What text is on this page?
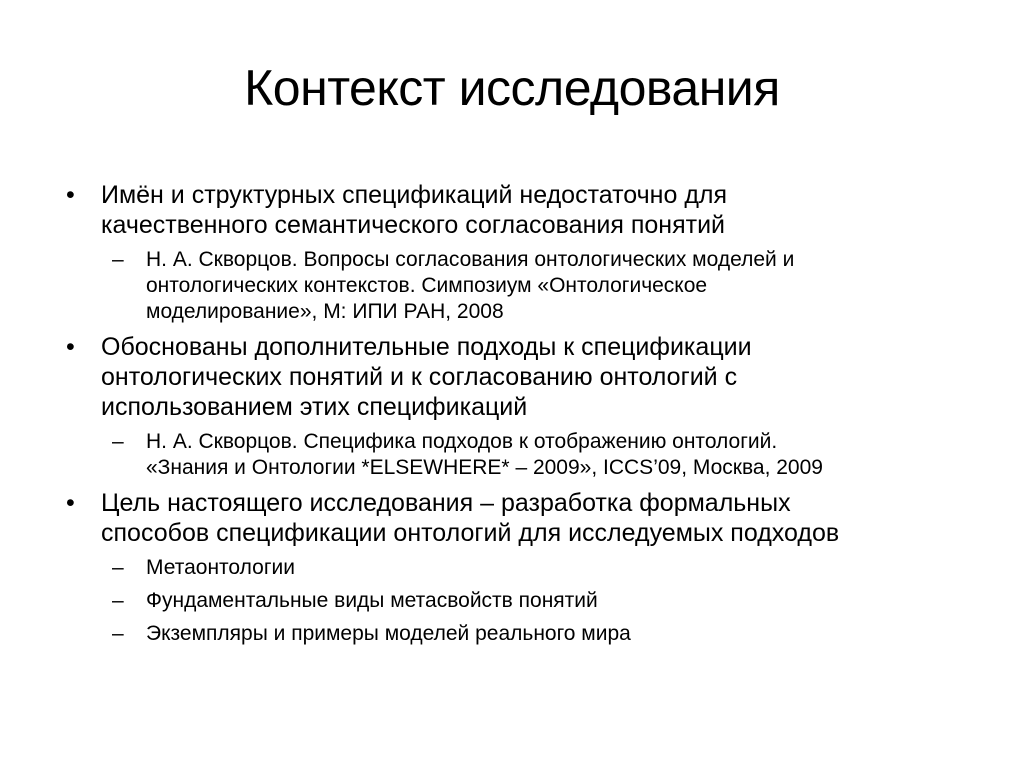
Контекст исследования
• Имён и структурных спецификаций недостаточно для
качественного семантического согласования понятий
– Н. А. Скворцов. Вопросы согласования онтологических моделей и
онтологических контекстов. Симпозиум «Онтологическое
моделирование», М: ИПИ РАН, 2008
• Обоснованы дополнительные подходы к спецификации
онтологических понятий и к согласованию онтологий с
использованием этих спецификаций
– Н. А. Скворцов. Специфика подходов к отображению онтологий.
«Знания и Онтологии *ELSEWHERE* – 2009», ICCS’09, Москва, 2009
• Цель настоящего исследования – разработка формальных
способов спецификации онтологий для исследуемых подходов
– Метаонтологии
– Фундаментальные виды метасвойств понятий
– Экземпляры и примеры моделей реального мира
